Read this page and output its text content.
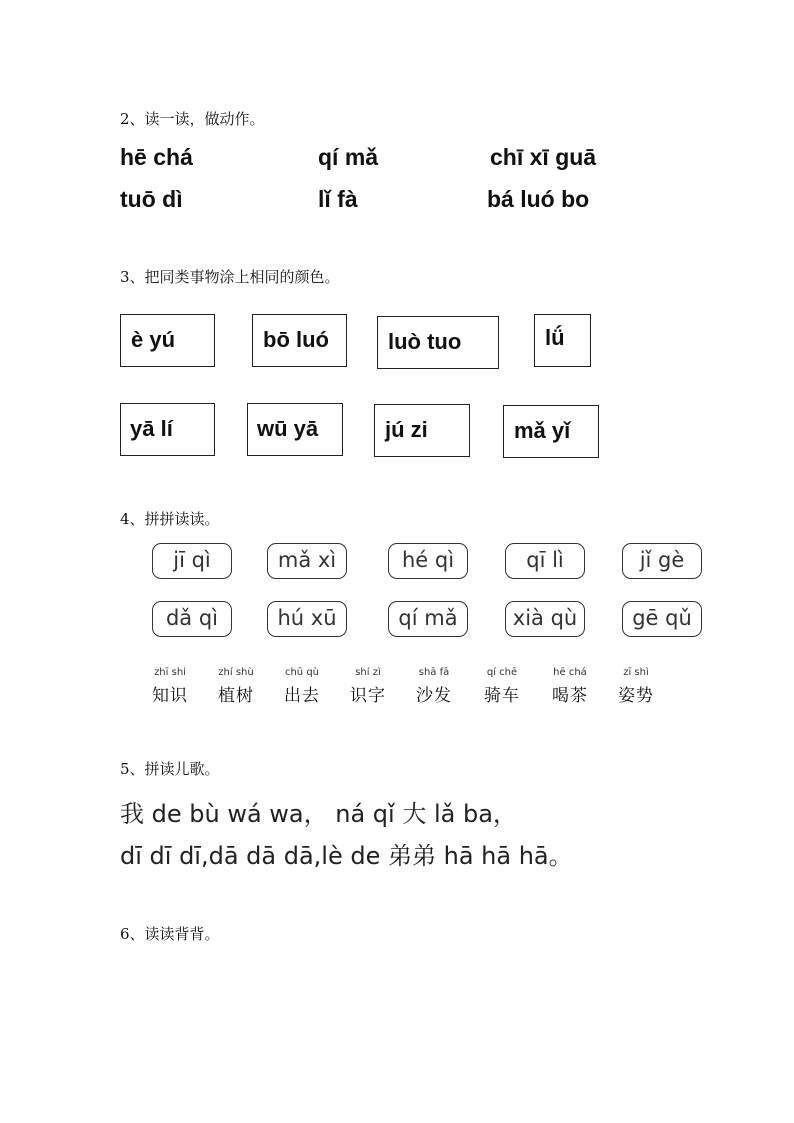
2、读一读，做动作。
hē chá	qí mǎ	chī xī guā
tuō dì	lǐ fà	bá luó bo
3、把同类事物涂上相同的颜色。
è yú	bō luó	luò tuo	lǘ
yā lí	wū yā	jú zi	mǎ yǐ
4、拼拼读读。
jī qì	mǎ xì	hé qì	qī lì	jǐ gè
dǎ qì	hú xū	qí mǎ	xià qù	gē qǔ
zhī shi
知识
zhí shù
植树
chū qù
出去
shí zì
识字
shā fā
沙发
qí chē
骑车
hē chá
喝茶
zī shì
姿势
5、拼读儿歌。
我 de bù wá wa， ná qǐ 大 lǎ ba，
dī dī dī,dā dā dā,lè de 弟弟 hā hā hā。
6、读读背背。
